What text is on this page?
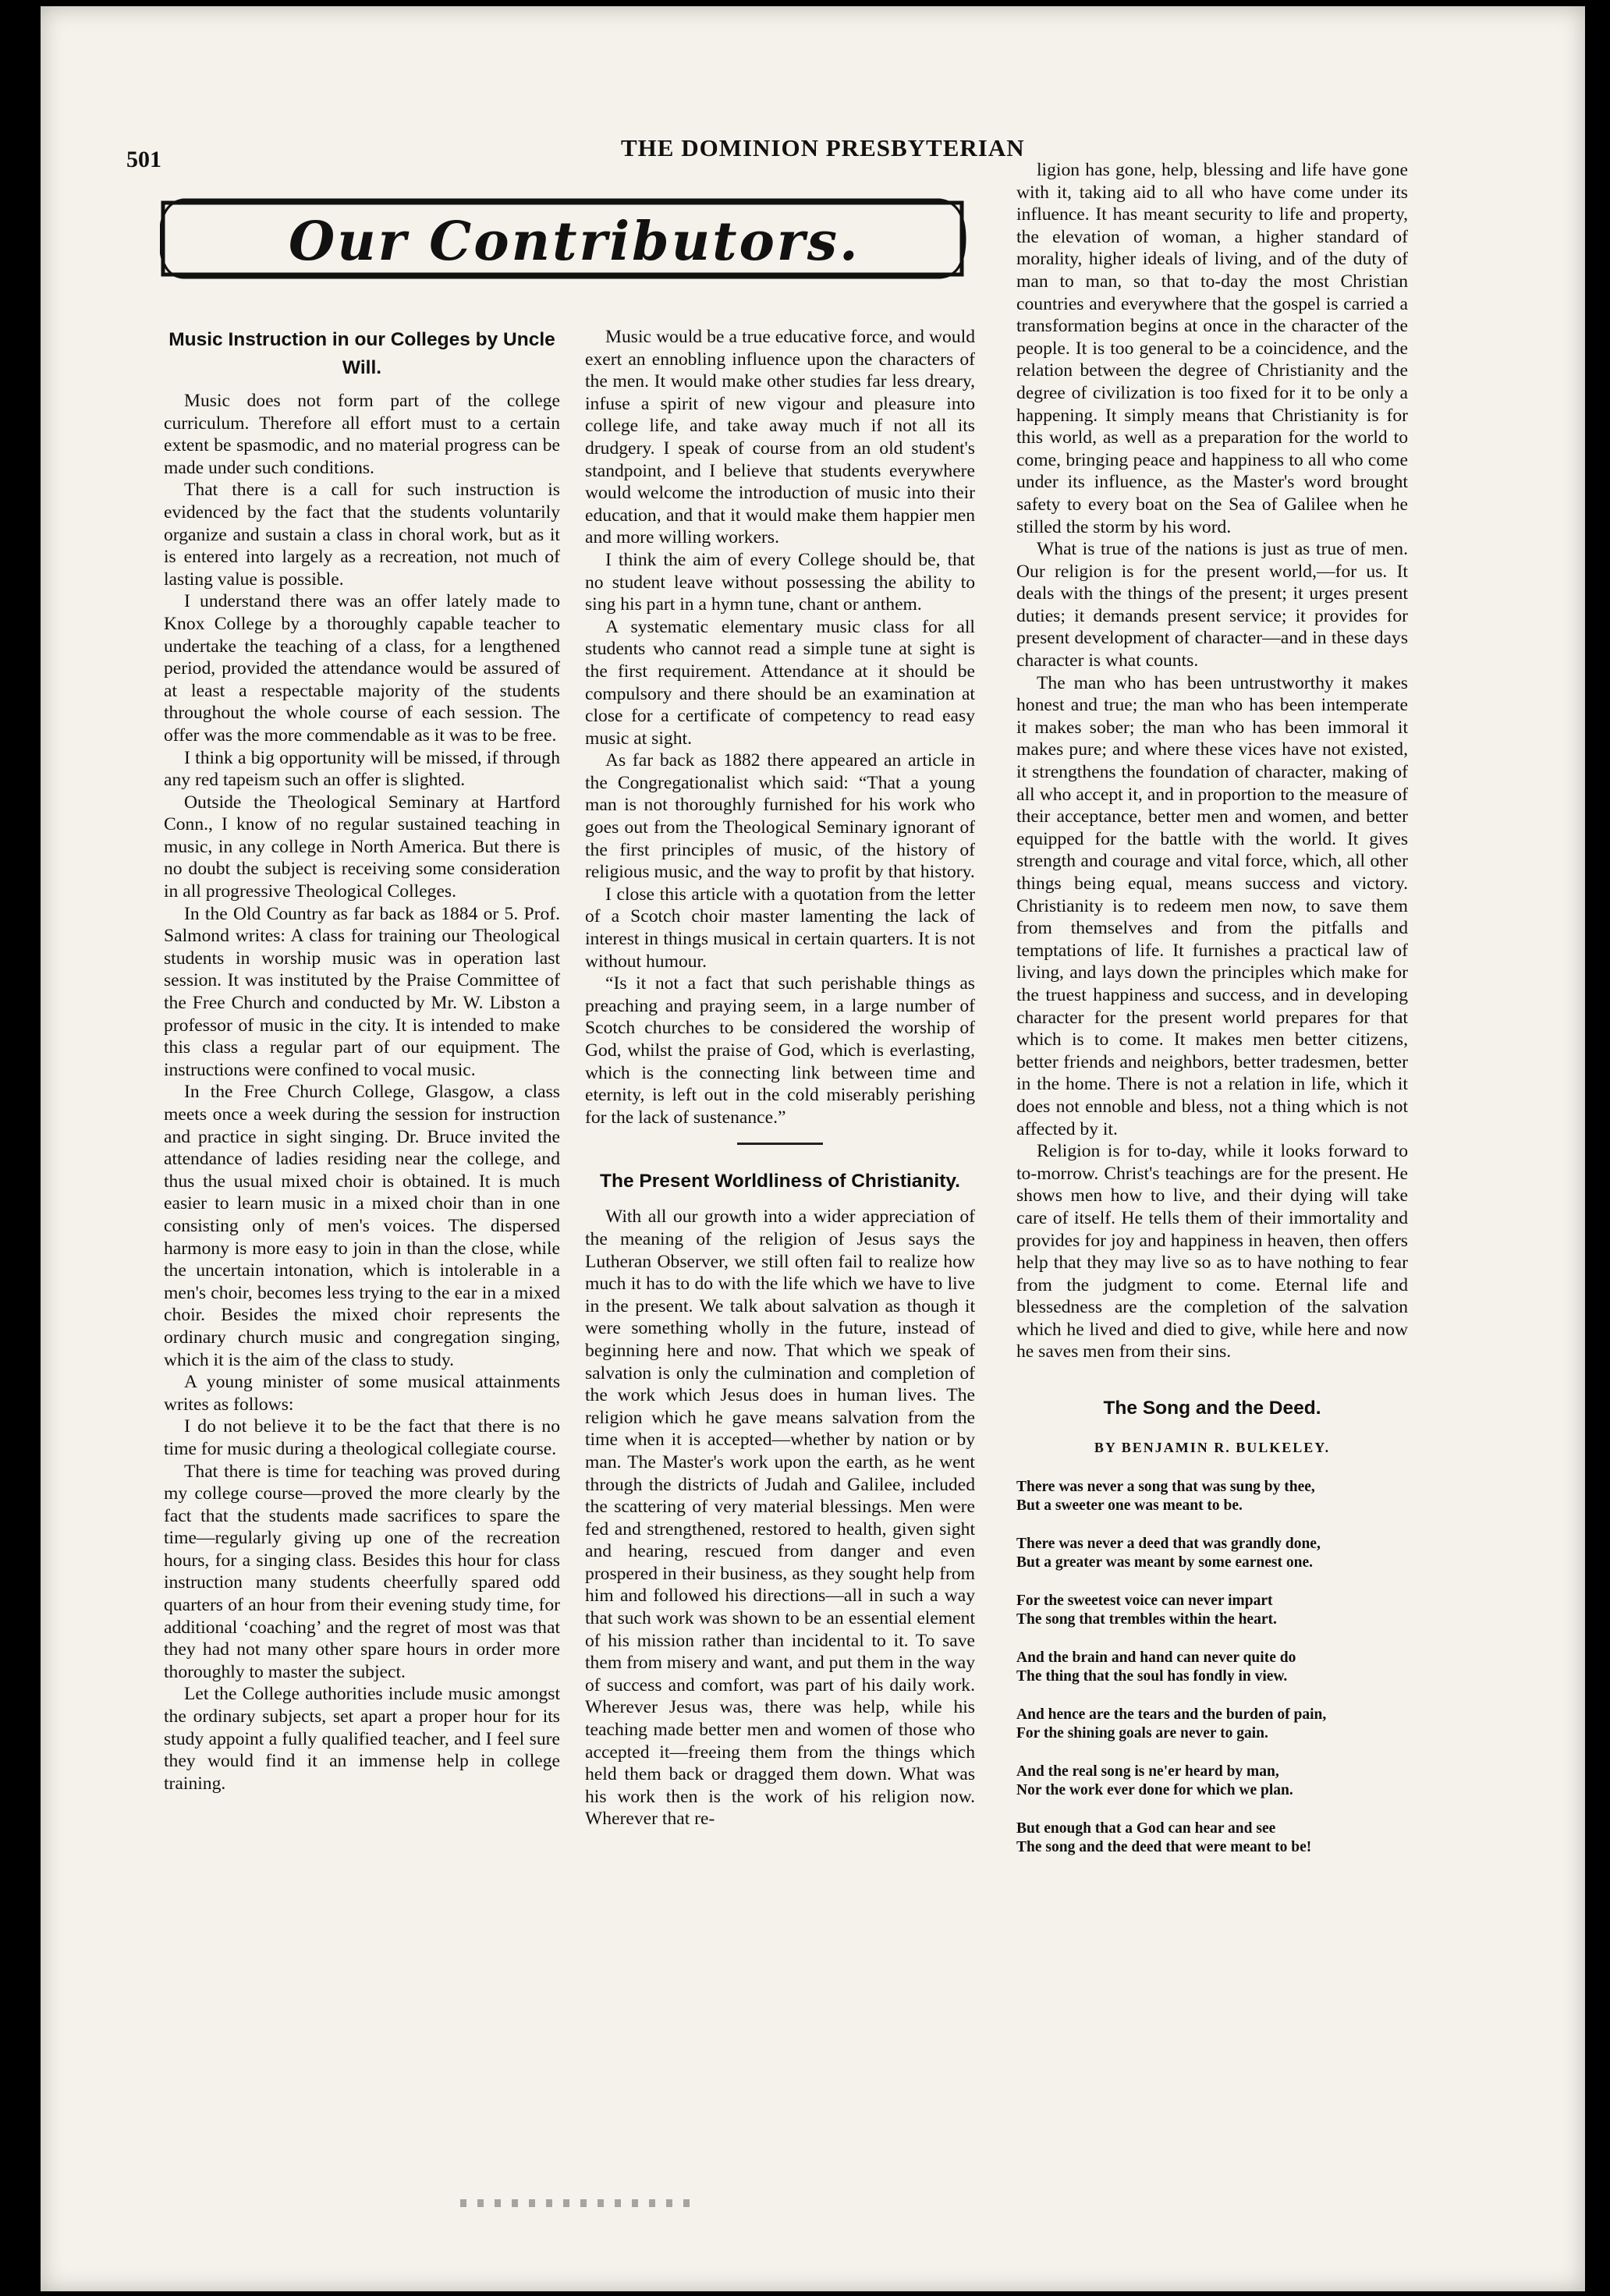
501	THE DOMINION PRESBYTERIAN
Our Contributors.
Music Instruction in our Colleges by Uncle Will.

Music does not form part of the college curriculum. Therefore all effort must to a certain extent be spasmodic, and no material progress can be made under such conditions.

That there is a call for such instruction is evidenced by the fact that the students voluntarily organize and sustain a class in choral work, but as it is entered into largely as a recreation, not much of lasting value is possible.

I understand there was an offer lately made to Knox College by a thoroughly capable teacher to undertake the teaching of a class, for a lengthened period, provided the attendance would be assured of at least a respectable majority of the students throughout the whole course of each session. The offer was the more commendable as it was to be free.

I think a big opportunity will be missed, if through any red tapeism such an offer is slighted.

Outside the Theological Seminary at Hartford Conn., I know of no regular sustained teaching in music, in any college in North America. But there is no doubt the subject is receiving some consideration in all progressive Theological Colleges.

In the Old Country as far back as 1884 or 5. Prof. Salmond writes: A class for training our Theological students in worship music was in operation last session. It was instituted by the Praise Committee of the Free Church and conducted by Mr. W. Libston a professor of music in the city. It is intended to make this class a regular part of our equipment. The instructions were confined to vocal music.

In the Free Church College, Glasgow, a class meets once a week during the session for instruction and practice in sight singing. Dr. Bruce invited the attendance of ladies residing near the college, and thus the usual mixed choir is obtained. It is much easier to learn music in a mixed choir than in one consisting only of men's voices. The dispersed harmony is more easy to join in than the close, while the uncertain intonation, which is intolerable in a men's choir, becomes less trying to the ear in a mixed choir. Besides the mixed choir represents the ordinary church music and congregation singing, which it is the aim of the class to study.

A young minister of some musical attainments writes as follows:

I do not believe it to be the fact that there is no time for music during a theological collegiate course.

That there is time for teaching was proved during my college course—proved the more clearly by the fact that the students made sacrifices to spare the time—regularly giving up one of the recreation hours, for a singing class. Besides this hour for class instruction many students cheerfully spared odd quarters of an hour from their evening study time, for additional ‘coaching’ and the regret of most was that they had not many other spare hours in order more thoroughly to master the subject.

Let the College authorities include music amongst the ordinary subjects, set apart a proper hour for its study appoint a fully qualified teacher, and I feel sure they would find it an immense help in college training.

Music would be a true educative force, and would exert an ennobling influence upon the characters of the men. It would make other studies far less dreary, infuse a spirit of new vigour and pleasure into college life, and take away much if not all its drudgery. I speak of course from an old student's standpoint, and I believe that students everywhere would welcome the introduction of music into their education, and that it would make them happier men and more willing workers.

I think the aim of every College should be, that no student leave without possessing the ability to sing his part in a hymn tune, chant or anthem.

A systematic elementary music class for all students who cannot read a simple tune at sight is the first requirement. Attendance at it should be compulsory and there should be an examination at close for a certificate of competency to read easy music at sight.

As far back as 1882 there appeared an article in the Congregationalist which said: “That a young man is not thoroughly furnished for his work who goes out from the Theological Seminary ignorant of the first principles of music, of the history of religious music, and the way to profit by that history.

I close this article with a quotation from the letter of a Scotch choir master lamenting the lack of interest in things musical in certain quarters. It is not without humour.

“Is it not a fact that such perishable things as preaching and praying seem, in a large number of Scotch churches to be considered the worship of God, whilst the praise of God, which is everlasting, which is the connecting link between time and eternity, is left out in the cold miserably perishing for the lack of sustenance.”

The Present Worldliness of Christianity.

With all our growth into a wider appreciation of the meaning of the religion of Jesus says the Lutheran Observer, we still often fail to realize how much it has to do with the life which we have to live in the present. We talk about salvation as though it were something wholly in the future, instead of beginning here and now. That which we speak of salvation is only the culmination and completion of the work which Jesus does in human lives. The religion which he gave means salvation from the time when it is accepted—whether by nation or by man. The Master's work upon the earth, as he went through the districts of Judah and Galilee, included the scattering of very material blessings. Men were fed and strengthened, restored to health, given sight and hearing, rescued from danger and even prospered in their business, as they sought help from him and followed his directions—all in such a way that such work was shown to be an essential element of his mission rather than incidental to it. To save them from misery and want, and put them in the way of success and comfort, was part of his daily work. Wherever Jesus was, there was help, while his teaching made better men and women of those who accepted it—freeing them from the things which held them back or dragged them down. What was his work then is the work of his religion now. Wherever that re-

ligion has gone, help, blessing and life have gone with it, taking aid to all who have come under its influence. It has meant security to life and property, the elevation of woman, a higher standard of morality, higher ideals of living, and of the duty of man to man, so that to-day the most Christian countries and everywhere that the gospel is carried a transformation begins at once in the character of the people. It is too general to be a coincidence, and the relation between the degree of Christianity and the degree of civilization is too fixed for it to be only a happening. It simply means that Christianity is for this world, as well as a preparation for the world to come, bringing peace and happiness to all who come under its influence, as the Master's word brought safety to every boat on the Sea of Galilee when he stilled the storm by his word.

What is true of the nations is just as true of men. Our religion is for the present world,—for us. It deals with the things of the present; it urges present duties; it demands present service; it provides for present development of character—and in these days character is what counts.

The man who has been untrustworthy it makes honest and true; the man who has been intemperate it makes sober; the man who has been immoral it makes pure; and where these vices have not existed, it strengthens the foundation of character, making of all who accept it, and in proportion to the measure of their acceptance, better men and women, and better equipped for the battle with the world. It gives strength and courage and vital force, which, all other things being equal, means success and victory. Christianity is to redeem men now, to save them from themselves and from the pitfalls and temptations of life. It furnishes a practical law of living, and lays down the principles which make for the truest happiness and success, and in developing character for the present world prepares for that which is to come. It makes men better citizens, better friends and neighbors, better tradesmen, better in the home. There is not a relation in life, which it does not ennoble and bless, not a thing which is not affected by it.

Religion is for to-day, while it looks forward to to-morrow. Christ's teachings are for the present. He shows men how to live, and their dying will take care of itself. He tells them of their immortality and provides for joy and happiness in heaven, then offers help that they may live so as to have nothing to fear from the judgment to come. Eternal life and blessedness are the completion of the salvation which he lived and died to give, while here and now he saves men from their sins.

The Song and the Deed.
BY BENJAMIN R. BULKELEY.
There was never a song that was sung by thee,
But a sweeter one was meant to be.
There was never a deed that was grandly done,
But a greater was meant by some earnest one.
For the sweetest voice can never impart
The song that trembles within the heart.
And the brain and hand can never quite do
The thing that the soul has fondly in view.
And hence are the tears and the burden of pain,
For the shining goals are never to gain.
And the real song is ne'er heard by man,
Nor the work ever done for which we plan.
But enough that a God can hear and see
The song and the deed that were meant to be!
